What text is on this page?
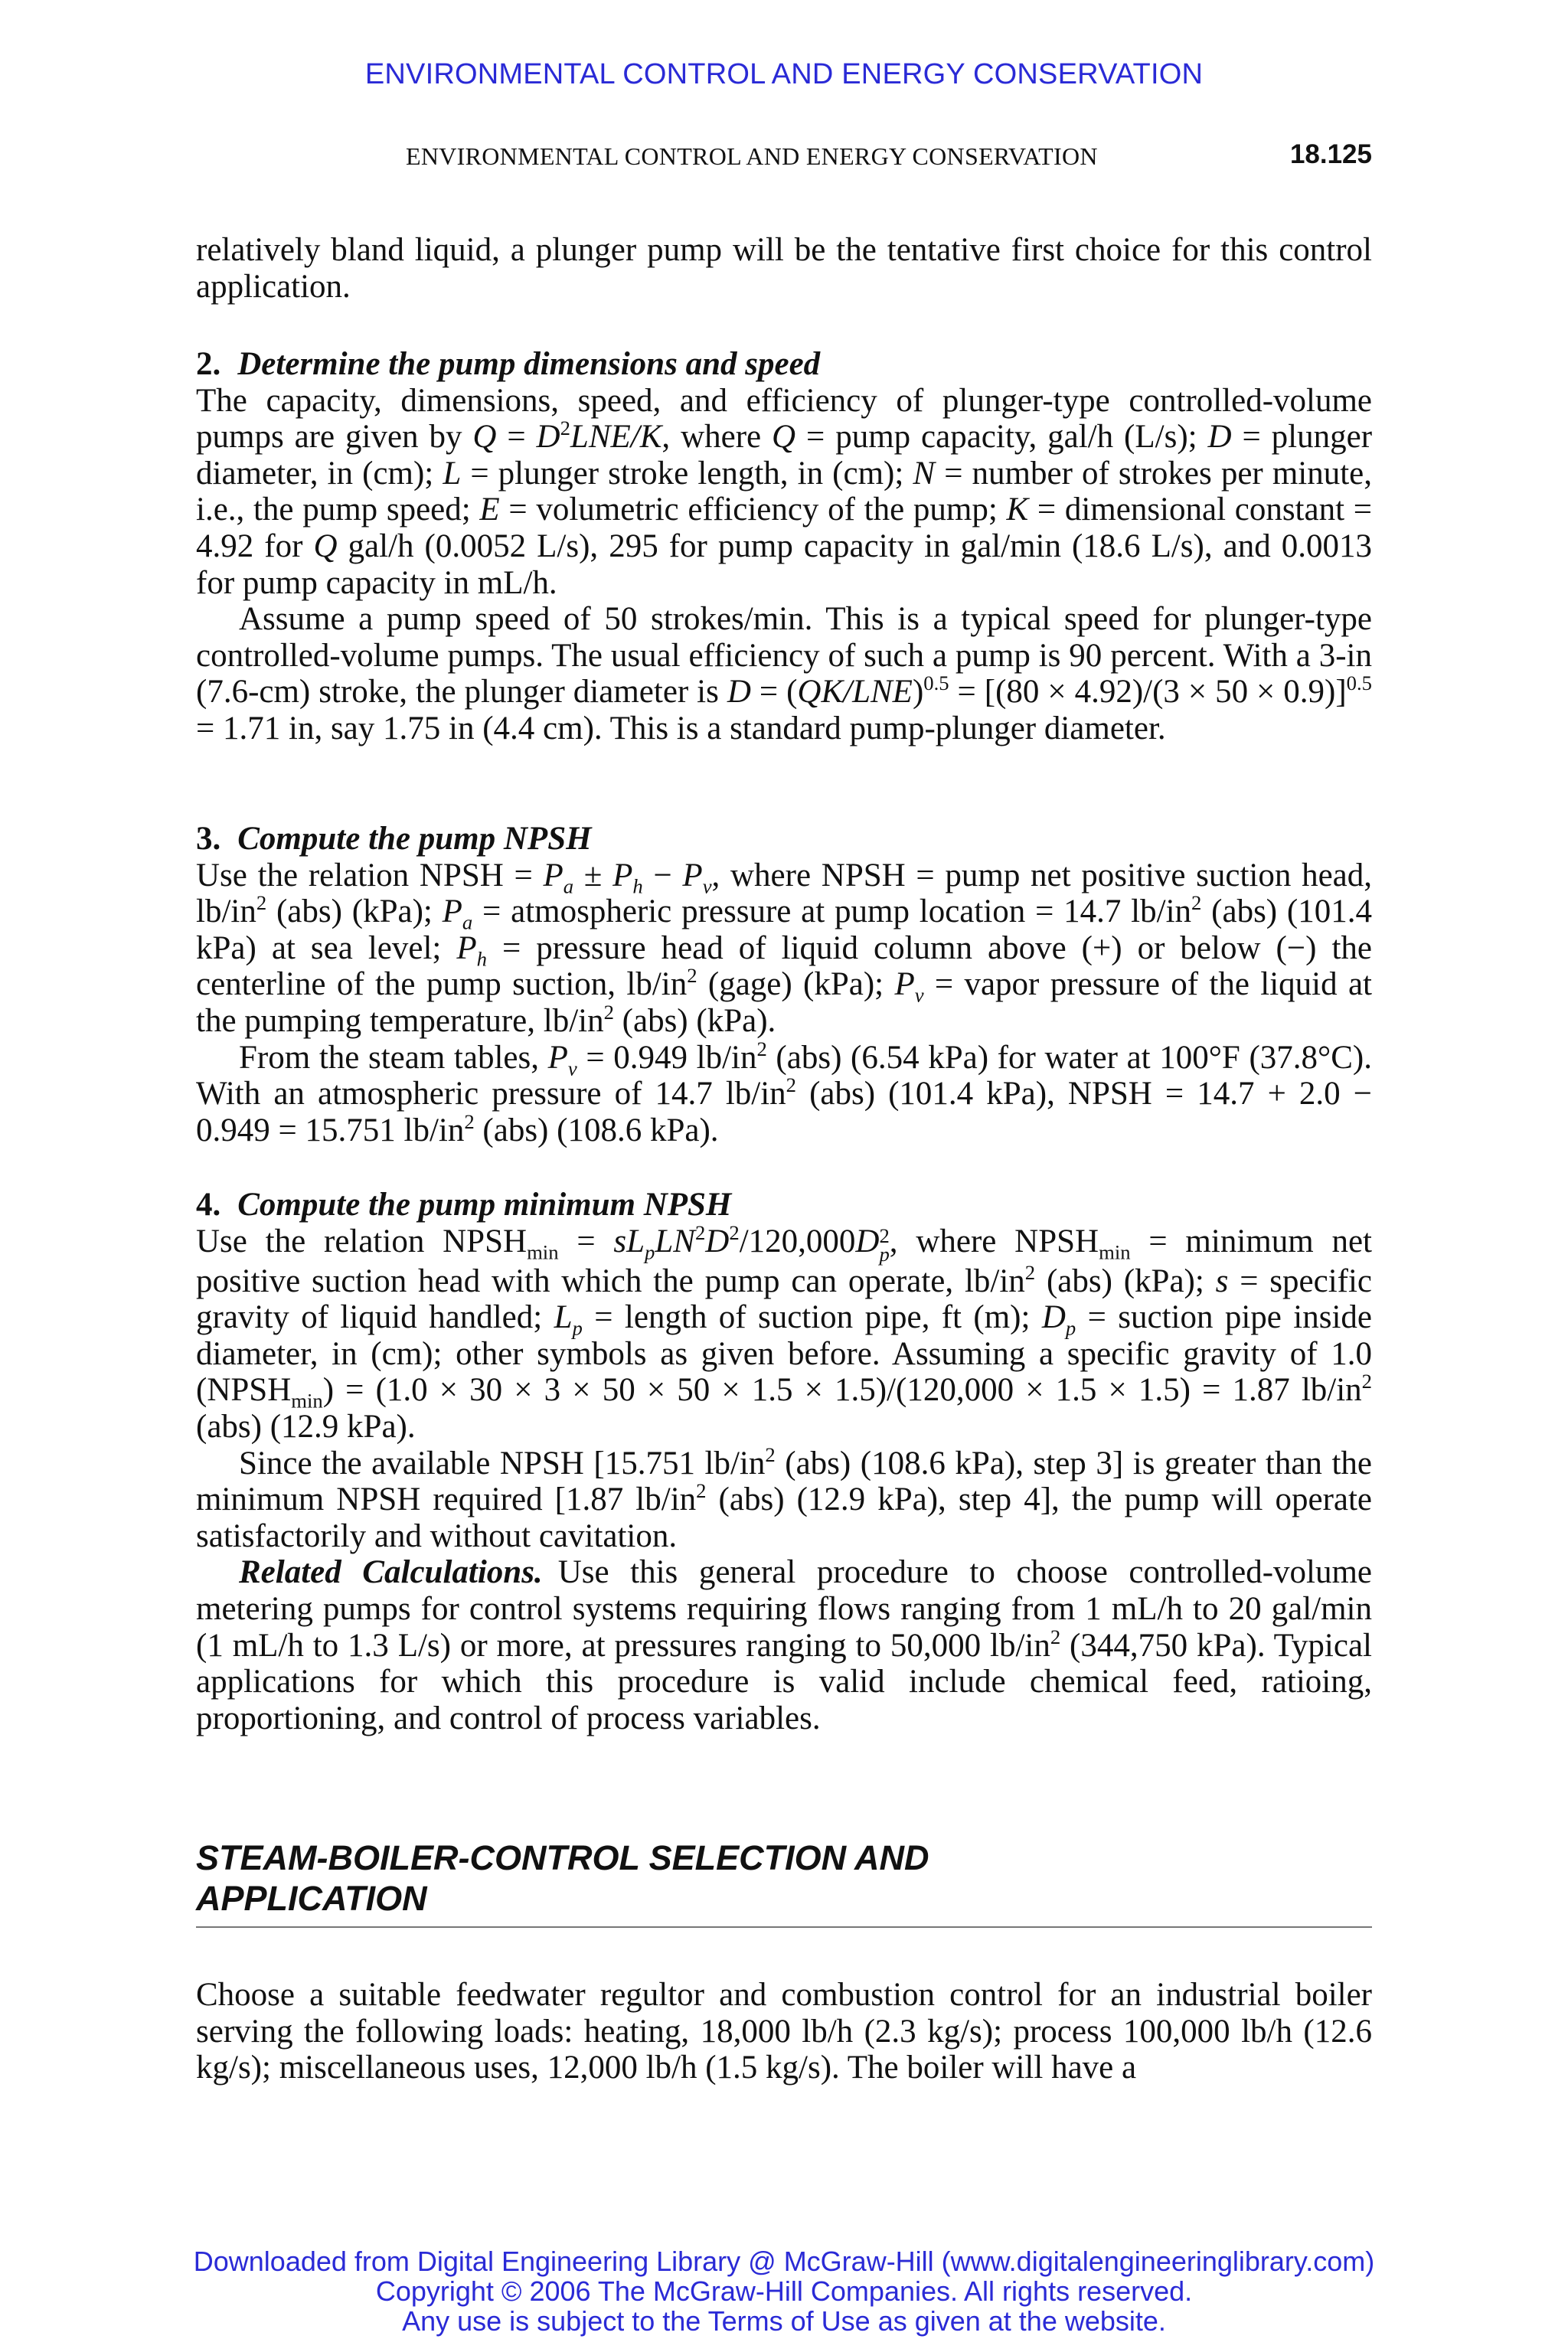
ENVIRONMENTAL CONTROL AND ENERGY CONSERVATION
ENVIRONMENTAL CONTROL AND ENERGY CONSERVATION	18.125

relatively bland liquid, a plunger pump will be the tentative first choice for this control application.

2. Determine the pump dimensions and speed

The capacity, dimensions, speed, and efficiency of plunger-type controlled-volume pumps are given by $Q = D^2LNE/K$, where Q = pump capacity, gal/h (L/s); D = plunger diameter, in (cm); L = plunger stroke length, in (cm); N = number of strokes per minute, i.e., the pump speed; E = volumetric efficiency of the pump; K = dimensional constant = 4.92 for Q gal/h (0.0052 L/s), 295 for pump capacity in gal/min (18.6 L/s), and 0.0013 for pump capacity in mL/h.

Assume a pump speed of 50 strokes/min. This is a typical speed for plunger-type controlled-volume pumps. The usual efficiency of such a pump is 90 percent. With a 3-in (7.6-cm) stroke, the plunger diameter is $D = (QK/LNE)^{0.5} = [(80 \times 4.92)/(3 \times 50 \times 0.9)]^{0.5} = 1.71$ in, say 1.75 in (4.4 cm). This is a standard pump-plunger diameter.

3. Compute the pump NPSH

Use the relation NPSH = $P_a \pm P_h - P_v$, where NPSH = pump net positive suction head, $lb/in^2$ (abs) (kPa); $P_a$ = atmospheric pressure at pump location = 14.7 $lb/in^2$ (abs) (101.4 kPa) at sea level; $P_h$ = pressure head of liquid column above (+) or below (−) the centerline of the pump suction, $lb/in^2$ (gage) (kPa); $P_v$ = vapor pressure of the liquid at the pumping temperature, $lb/in^2$ (abs) (kPa).

From the steam tables, $P_v = 0.949$ $lb/in^2$ (abs) (6.54 kPa) for water at 100°F (37.8°C). With an atmospheric pressure of 14.7 $lb/in^2$ (abs) (101.4 kPa), NPSH = 14.7 + 2.0 − 0.949 = 15.751 $lb/in^2$ (abs) (108.6 kPa).

4. Compute the pump minimum NPSH

Use the relation $NPSH_{min} = sL_pLN^2D^2/120,000D$ 2
p, where $NPSH_{min}$ = minimum net positive suction head with which the pump can operate, $lb/in^2$ (abs) (kPa); s = specific gravity of liquid handled; $L_p$ = length of suction pipe, ft (m); $D_p$ = suction pipe inside diameter, in (cm); other symbols as given before. Assuming a specific gravity of 1.0 $(NPSH_{min}) = (1.0 \times 30 \times 3 \times 50 \times 50 \times 1.5 \times 1.5)/(120,000 \times 1.5 \times 1.5) = 1.87$ $lb/in^2$ (abs) (12.9 kPa).

Since the available NPSH [15.751 $lb/in^2$ (abs) (108.6 kPa), step 3] is greater than the minimum NPSH required [1.87 $lb/in^2$ (abs) (12.9 kPa), step 4], the pump will operate satisfactorily and without cavitation.

Related Calculations. Use this general procedure to choose controlled-volume metering pumps for control systems requiring flows ranging from 1 mL/h to 20 gal/min (1 mL/h to 1.3 L/s) or more, at pressures ranging to 50,000 $lb/in^2$ (344,750 kPa). Typical applications for which this procedure is valid include chemical feed, ratioing, proportioning, and control of process variables.

STEAM-BOILER-CONTROL SELECTION AND
APPLICATION

Choose a suitable feedwater regultor and combustion control for an industrial boiler serving the following loads: heating, 18,000 lb/h (2.3 kg/s); process 100,000 lb/h (12.6 kg/s); miscellaneous uses, 12,000 lb/h (1.5 kg/s). The boiler will have a

Downloaded from Digital Engineering Library @ McGraw-Hill (www.digitalengineeringlibrary.com)
Copyright © 2006 The McGraw-Hill Companies. All rights reserved.
Any use is subject to the Terms of Use as given at the website.
